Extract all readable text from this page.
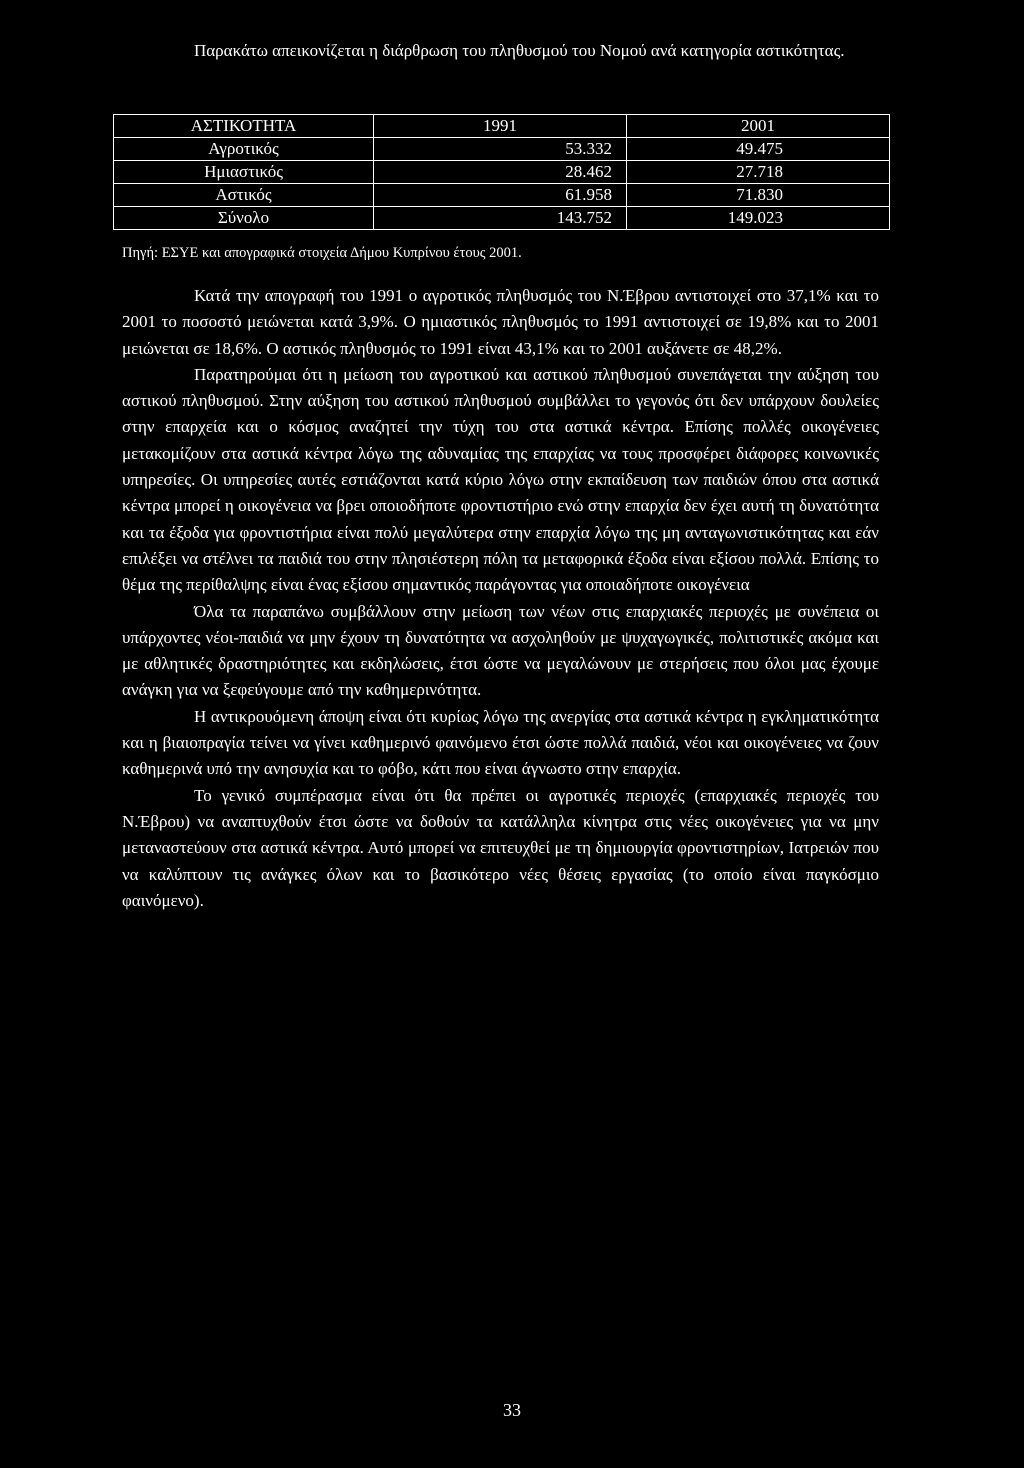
Παρακάτω απεικονίζεται η διάρθρωση του πληθυσμού του Νομού ανά κατηγορία αστικότητας.
ΑΣΤΙΚΟΤΗΤΑ	1991	2001
Αγροτικός	53.332	49.475
Ημιαστικός	28.462	27.718
Αστικός	61.958	71.830
Σύνολο	143.752	149.023
Πηγή: ΕΣΥΕ και απογραφικά στοιχεία Δήμου Κυπρίνου έτους 2001.

Κατά την απογραφή του 1991 ο αγροτικός πληθυσμός του Ν.Έβρου αντιστοιχεί στο 37,1% και το 2001 το ποσοστό μειώνεται κατά 3,9%. Ο ημιαστικός πληθυσμός το 1991 αντιστοιχεί σε 19,8% και το 2001 μειώνεται σε 18,6%. Ο αστικός πληθυσμός το 1991 είναι 43,1% και το 2001 αυξάνετε σε 48,2%.

Παρατηρούμαι ότι η μείωση του αγροτικού και αστικού πληθυσμού συνεπάγεται την αύξηση του αστικού πληθυσμού. Στην αύξηση του αστικού πληθυσμού συμβάλλει το γεγονός ότι δεν υπάρχουν δουλείες στην επαρχεία και ο κόσμος αναζητεί την τύχη του στα αστικά κέντρα. Επίσης πολλές οικογένειες μετακομίζουν στα αστικά κέντρα λόγω της αδυναμίας της επαρχίας να τους προσφέρει διάφορες κοινωνικές υπηρεσίες. Οι υπηρεσίες αυτές εστιάζονται κατά κύριο λόγω στην εκπαίδευση των παιδιών όπου στα αστικά κέντρα μπορεί η οικογένεια να βρει οποιοδήποτε φροντιστήριο ενώ στην επαρχία δεν έχει αυτή τη δυνατότητα και τα έξοδα για φροντιστήρια είναι πολύ μεγαλύτερα στην επαρχία λόγω της μη ανταγωνιστικότητας και εάν επιλέξει να στέλνει τα παιδιά του στην πλησιέστερη πόλη τα μεταφορικά έξοδα είναι εξίσου πολλά. Επίσης το θέμα της περίθαλψης είναι ένας εξίσου σημαντικός παράγοντας για οποιαδήποτε οικογένεια

Όλα τα παραπάνω συμβάλλουν στην μείωση των νέων στις επαρχιακές περιοχές με συνέπεια οι υπάρχοντες νέοι-παιδιά να μην έχουν τη δυνατότητα να ασχοληθούν με ψυχαγωγικές, πολιτιστικές ακόμα και με αθλητικές δραστηριότητες και εκδηλώσεις, έτσι ώστε να μεγαλώνουν με στερήσεις που όλοι μας έχουμε ανάγκη για να ξεφεύγουμε από την καθημερινότητα.

Η αντικρουόμενη άποψη είναι ότι κυρίως λόγω της ανεργίας στα αστικά κέντρα η εγκληματικότητα και η βιαιοπραγία τείνει να γίνει καθημερινό φαινόμενο έτσι ώστε πολλά παιδιά, νέοι και οικογένειες να ζουν καθημερινά υπό την ανησυχία και το φόβο, κάτι που είναι άγνωστο στην επαρχία.

Το γενικό συμπέρασμα είναι ότι θα πρέπει οι αγροτικές περιοχές (επαρχιακές περιοχές του Ν.Έβρου) να αναπτυχθούν έτσι ώστε να δοθούν τα κατάλληλα κίνητρα στις νέες οικογένειες για να μην μεταναστεύουν στα αστικά κέντρα. Αυτό μπορεί να επιτευχθεί με τη δημιουργία φροντιστηρίων, Ιατρειών που να καλύπτουν τις ανάγκες όλων και το βασικότερο νέες θέσεις εργασίας (το οποίο είναι παγκόσμιο φαινόμενο).

33
